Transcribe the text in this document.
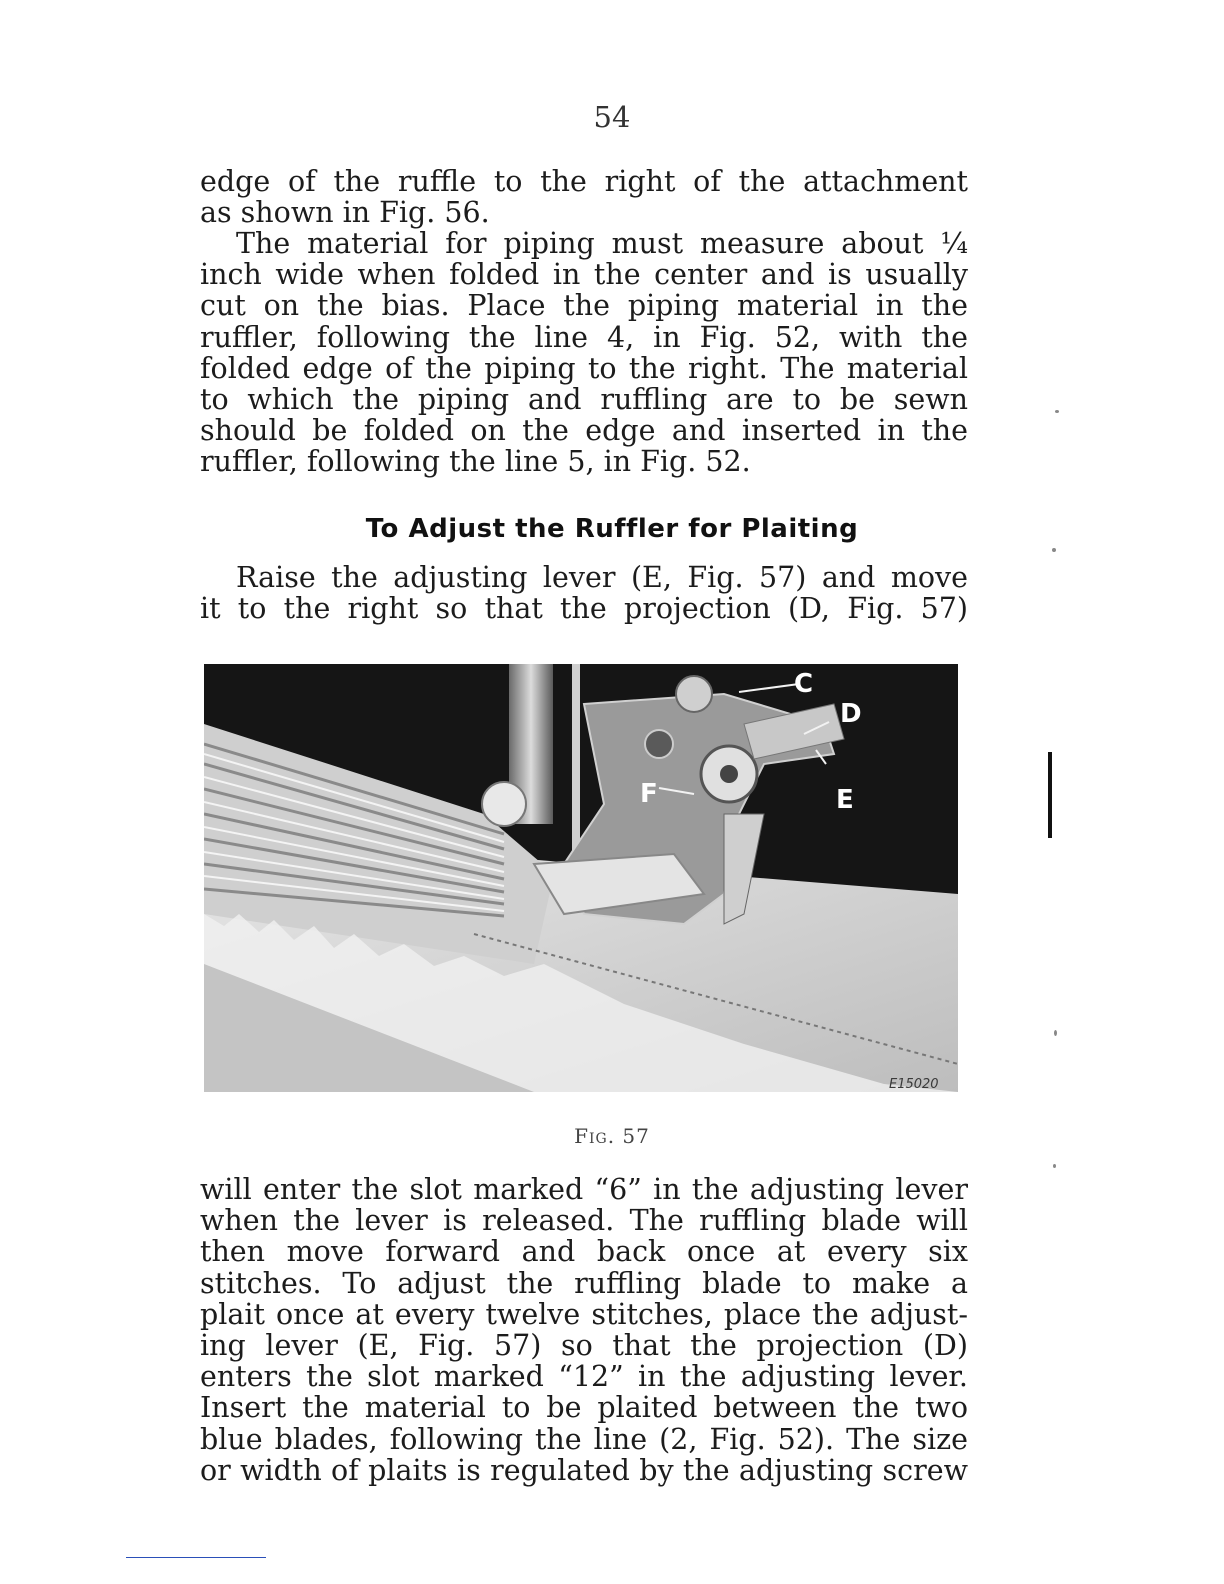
54
edge of the ruffle to the right of the attachment
as shown in Fig. 56.
The material for piping must measure about ¼
inch wide when folded in the center and is usually
cut on the bias. Place the piping material in the
ruffler, following the line 4, in Fig. 52, with the
folded edge of the piping to the right. The material
to which the piping and ruffling are to be sewn
should be folded on the edge and inserted in the
ruffler, following the line 5, in Fig. 52.
To Adjust the Ruffler for Plaiting
Raise the adjusting lever (E, Fig. 57) and move
it to the right so that the projection (D, Fig. 57)
C
D
E
F
E15020
Fig. 57
will enter the slot marked “6” in the adjusting lever
when the lever is released. The ruffling blade will
then move forward and back once at every six
stitches. To adjust the ruffling blade to make a
plait once at every twelve stitches, place the adjust-
ing lever (E, Fig. 57) so that the projection (D)
enters the slot marked “12” in the adjusting lever.
Insert the material to be plaited between the two
blue blades, following the line (2, Fig. 52). The size
or width of plaits is regulated by the adjusting screw
